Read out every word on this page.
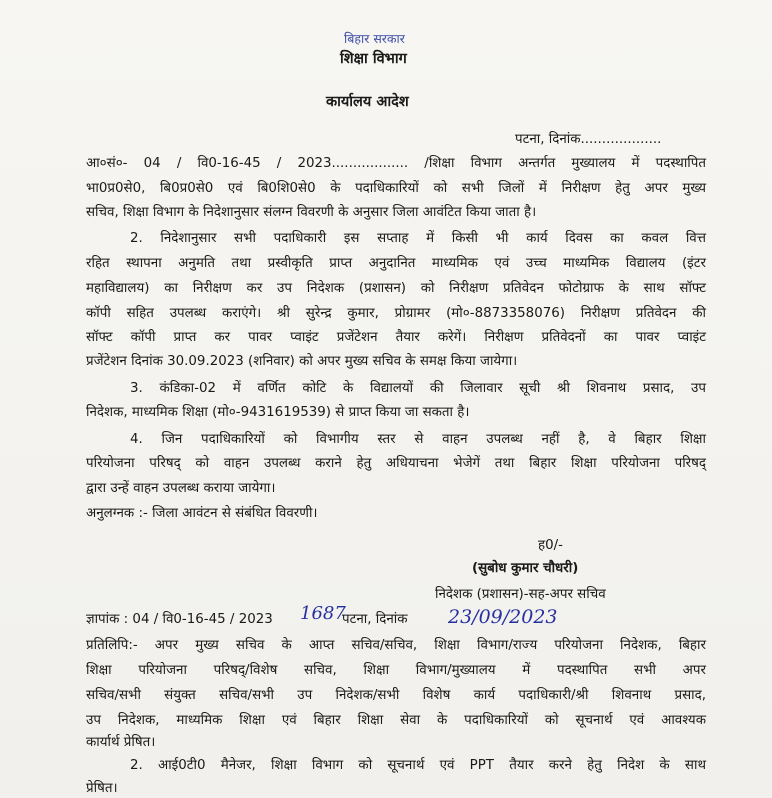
बिहार सरकार
शिक्षा विभाग
कार्यालय आदेश
पटना, दिनांक...................
आ०सं०- 04 / वि0-16-45 / 2023.................. /शिक्षा विभाग अन्तर्गत मुख्यालय में पदस्थापित
भा0प्र0से0, बि0प्र0से0 एवं बि0शि0से0 के पदाधिकारियों को सभी जिलों में निरीक्षण हेतु अपर मुख्य
सचिव, शिक्षा विभाग के निदेशानुसार संलग्न विवरणी के अनुसार जिला आवंटित किया जाता है।
2. निदेशानुसार सभी पदाधिकारी इस सप्ताह में किसी भी कार्य दिवस का कवल वित्त
रहित स्थापना अनुमति तथा प्रस्वीकृति प्राप्त अनुदानित माध्यमिक एवं उच्च माध्यमिक विद्यालय (इंटर
महाविद्यालय) का निरीक्षण कर उप निदेशक (प्रशासन) को निरीक्षण प्रतिवेदन फोटोग्राफ के साथ सॉफ्ट
कॉपी सहित उपलब्ध कराएंगे। श्री सुरेन्द्र कुमार, प्रोग्रामर (मो०-8873358076) निरीक्षण प्रतिवेदन की
सॉफ्ट कॉपी प्राप्त कर पावर प्वाइंट प्रजेंटेशन तैयार करेगें। निरीक्षण प्रतिवेदनों का पावर प्वाइंट
प्रजेंटेशन दिनांक 30.09.2023 (शनिवार) को अपर मुख्य सचिव के समक्ष किया जायेगा।
3. कंडिका-02 में वर्णित कोटि के विद्यालयों की जिलावार सूची श्री शिवनाथ प्रसाद, उप
निदेशक, माध्यमिक शिक्षा (मो०-9431619539) से प्राप्त किया जा सकता है।
4. जिन पदाधिकारियों को विभागीय स्तर से वाहन उपलब्ध नहीं है, वे बिहार शिक्षा
परियोजना परिषद् को वाहन उपलब्ध कराने हेतु अधियाचना भेजेगें तथा बिहार शिक्षा परियोजना परिषद्
द्वारा उन्हें वाहन उपलब्ध कराया जायेगा।
अनुलग्नक :- जिला आवंटन से संबंधित विवरणी।
ह0/-
(सुबोध कुमार चौधरी)
निदेशक (प्रशासन)-सह-अपर सचिव
ज्ञापांक : 04 / वि0-16-45 / 2023 1687
पटना, दिनांक 23/09/2023
प्रतिलिपि:- अपर मुख्य सचिव के आप्त सचिव/सचिव, शिक्षा विभाग/राज्य परियोजना निदेशक, बिहार
शिक्षा परियोजना परिषद्/विशेष सचिव, शिक्षा विभाग/मुख्यालय में पदस्थापित सभी अपर
सचिव/सभी संयुक्त सचिव/सभी उप निदेशक/सभी विशेष कार्य पदाधिकारी/श्री शिवनाथ प्रसाद,
उप निदेशक, माध्यमिक शिक्षा एवं बिहार शिक्षा सेवा के पदाधिकारियों को सूचनार्थ एवं आवश्यक
कार्यार्थ प्रेषित।
2. आई0टी0 मैनेजर, शिक्षा विभाग को सूचनार्थ एवं PPT तैयार करने हेतु निदेश के साथ
प्रेषित।
